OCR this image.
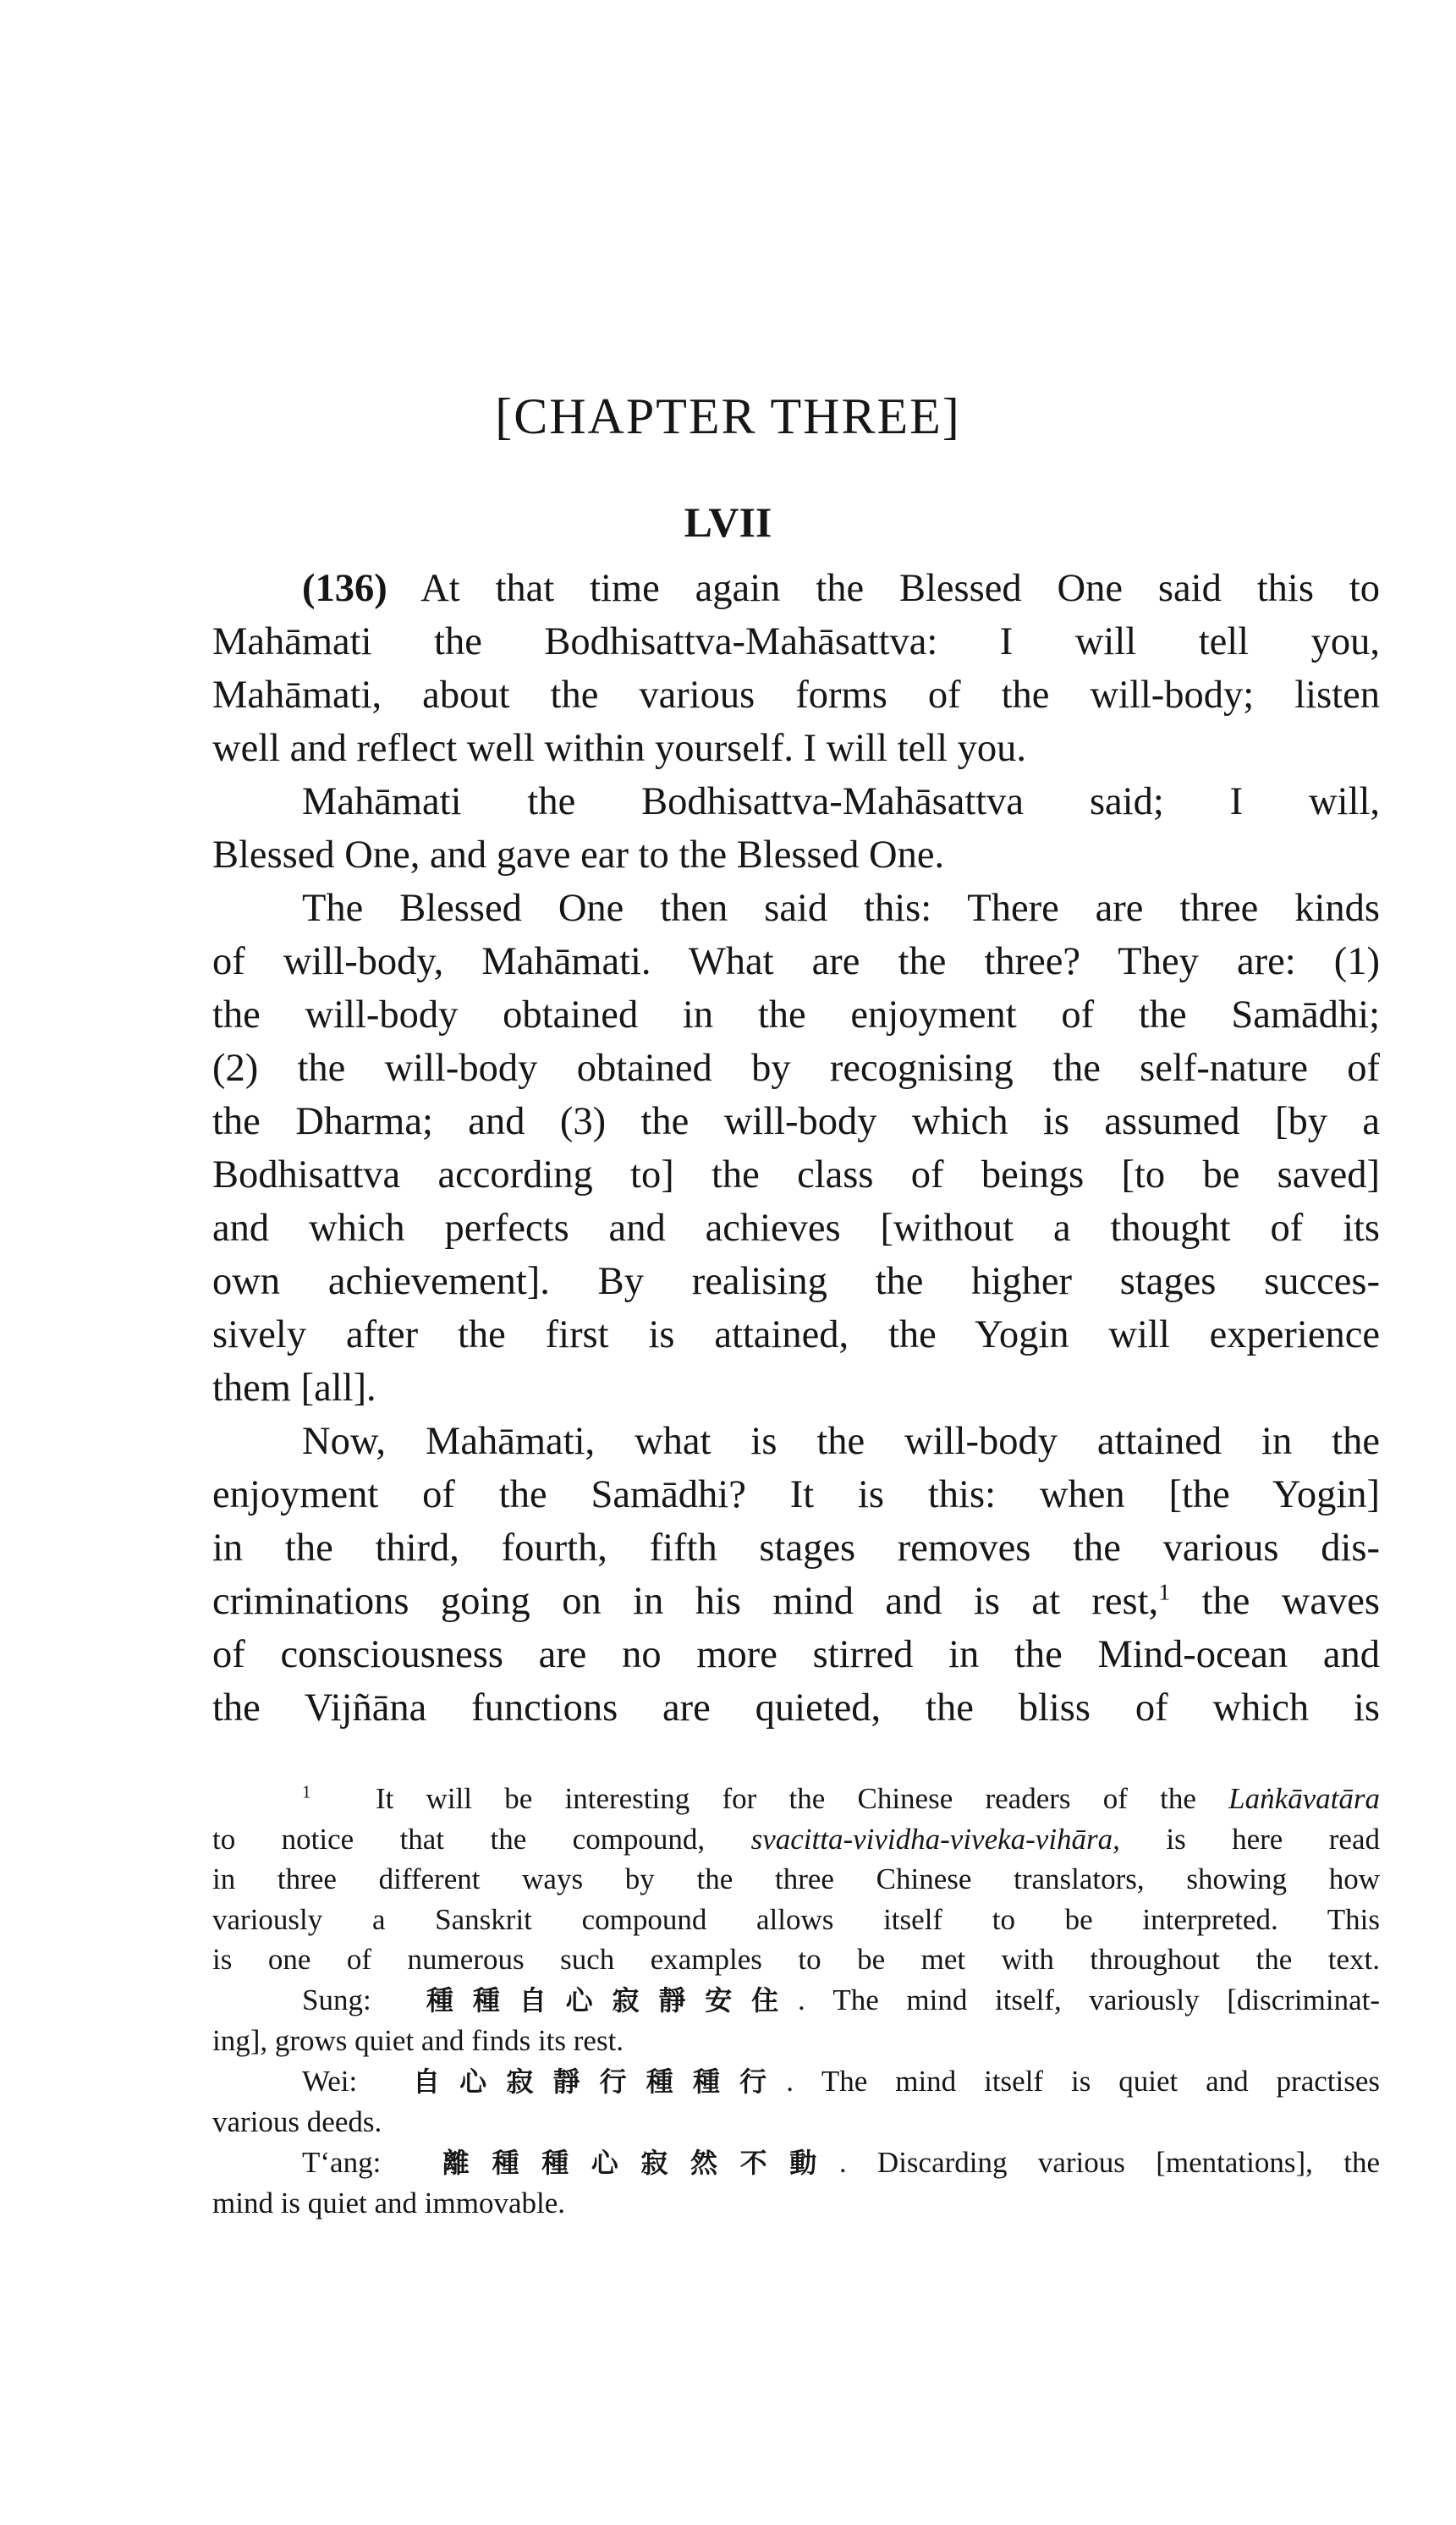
[CHAPTER THREE]
LVII
(136) At that time again the Blessed One said this to
Mahāmati the Bodhisattva-Mahāsattva: I will tell you,
Mahāmati, about the various forms of the will-body; listen
well and reflect well within yourself. I will tell you.
Mahāmati the Bodhisattva-Mahāsattva said; I will,
Blessed One, and gave ear to the Blessed One.
The Blessed One then said this: There are three kinds
of will-body, Mahāmati. What are the three? They are: (1)
the will-body obtained in the enjoyment of the Samādhi;
(2) the will-body obtained by recognising the self-nature of
the Dharma; and (3) the will-body which is assumed [by a
Bodhisattva according to] the class of beings [to be saved]
and which perfects and achieves [without a thought of its
own achievement]. By realising the higher stages succes-
sively after the first is attained, the Yogin will experience
them [all].
Now, Mahāmati, what is the will-body attained in the
enjoyment of the Samādhi? It is this: when [the Yogin]
in the third, fourth, fifth stages removes the various dis-
criminations going on in his mind and is at rest,$^1$ the waves
of consciousness are no more stirred in the Mind-ocean and
the Vijñāna functions are quieted, the bliss of which is
$^1$ It will be interesting for the Chinese readers of the Laṅkāvatāra
to notice that the compound, svacitta-vividha-viveka-vihāra, is here read
in three different ways by the three Chinese translators, showing how
variously a Sanskrit compound allows itself to be interpreted. This
is one of numerous such examples to be met with throughout the text.
Sung: 種種自心寂靜安住. The mind itself, variously [discriminat-
ing], grows quiet and finds its rest.
Wei: 自心寂靜行種種行. The mind itself is quiet and practises
various deeds.
T‘ang: 離種種心寂然不動. Discarding various [mentations], the
mind is quiet and immovable.
